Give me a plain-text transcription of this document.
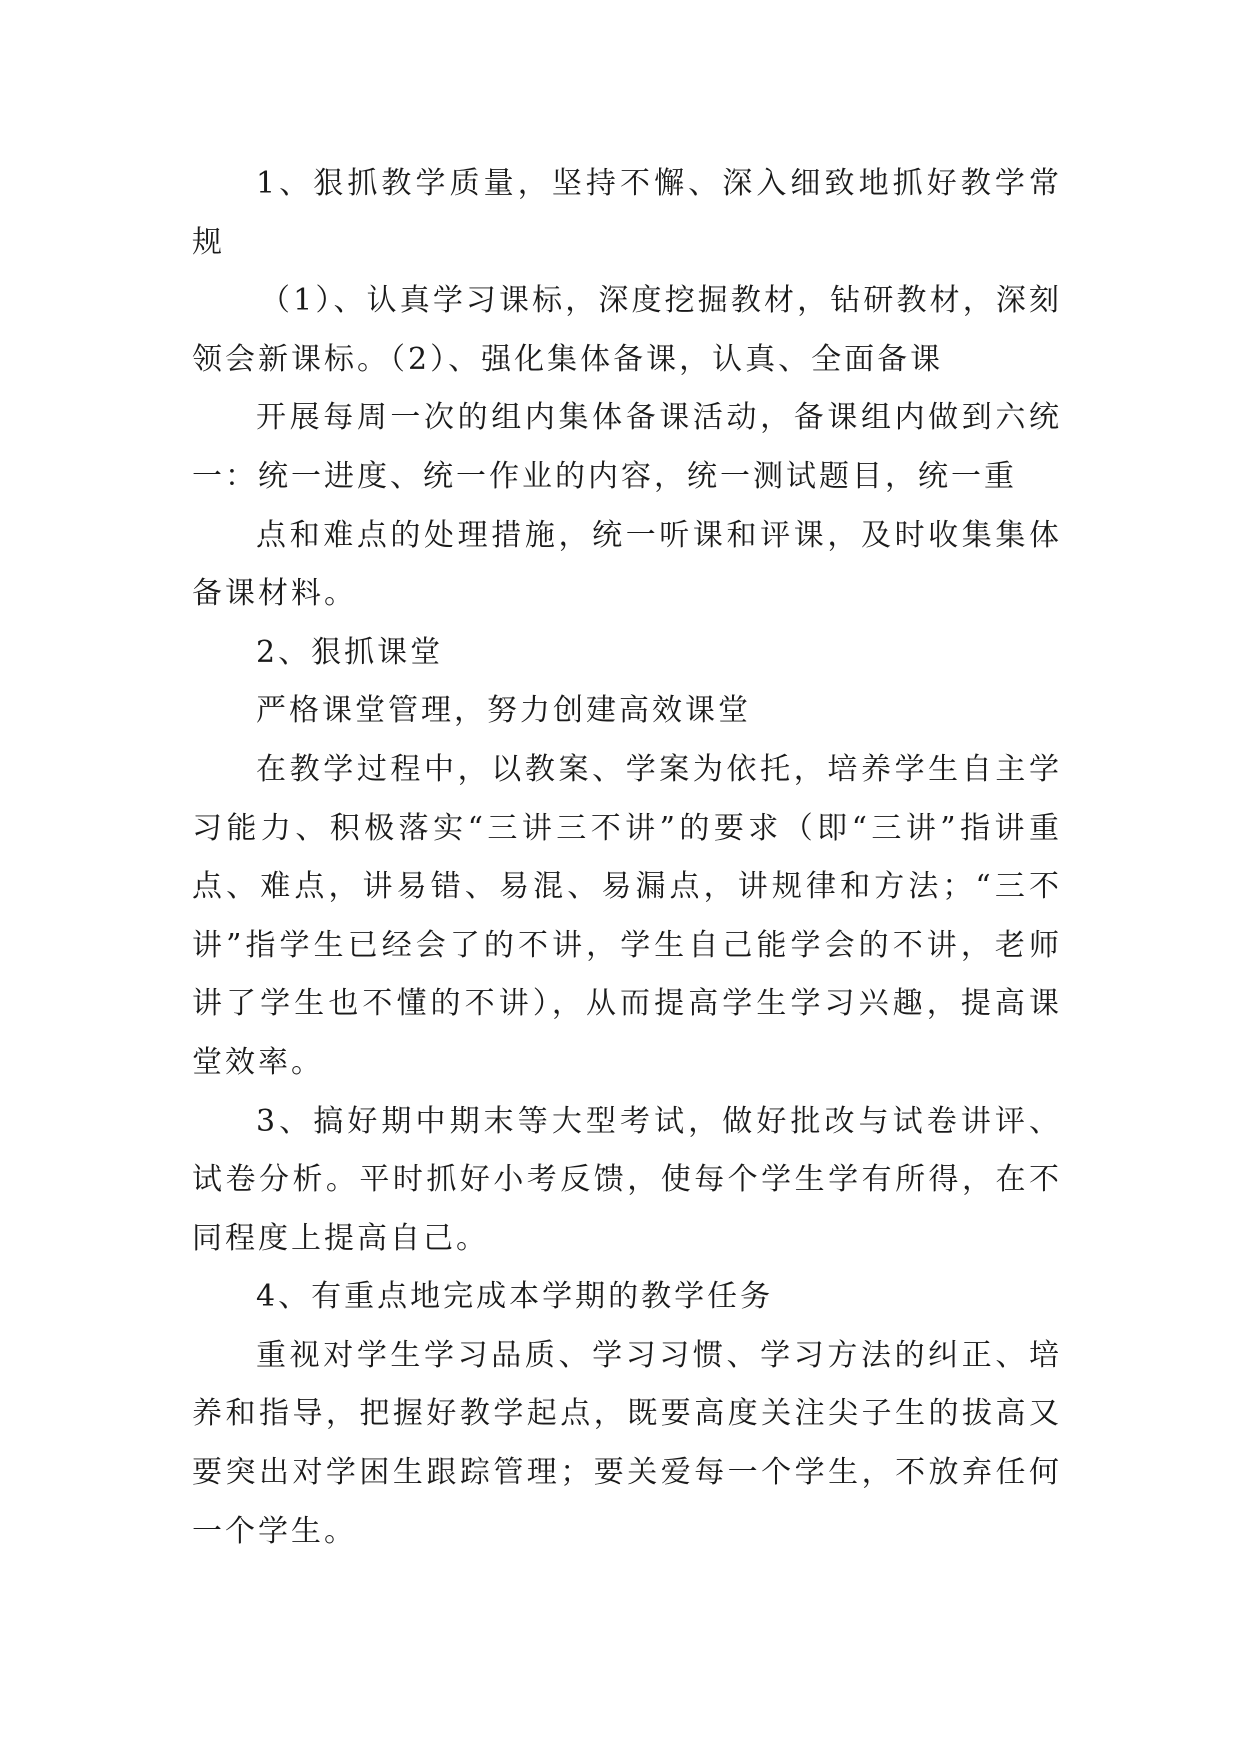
1、狠抓教学质量，坚持不懈、深入细致地抓好教学常规

（1）、认真学习课标，深度挖掘教材，钻研教材，深刻领会新课标。（2）、强化集体备课，认真、全面备课

开展每周一次的组内集体备课活动，备课组内做到六统一：统一进度、统一作业的内容，统一测试题目，统一重

点和难点的处理措施，统一听课和评课，及时收集集体备课材料。

2、狠抓课堂

严格课堂管理，努力创建高效课堂

在教学过程中，以教案、学案为依托，培养学生自主学习能力、积极落实“三讲三不讲”的要求（即“三讲”指讲重点、难点，讲易错、易混、易漏点，讲规律和方法；“三不讲”指学生已经会了的不讲，学生自己能学会的不讲，老师讲了学生也不懂的不讲），从而提高学生学习兴趣，提高课堂效率。

3、搞好期中期末等大型考试，做好批改与试卷讲评、试卷分析。平时抓好小考反馈，使每个学生学有所得，在不同程度上提高自己。

4、有重点地完成本学期的教学任务

重视对学生学习品质、学习习惯、学习方法的纠正、培养和指导，把握好教学起点，既要高度关注尖子生的拔高又要突出对学困生跟踪管理；要关爱每一个学生，不放弃任何一个学生。
